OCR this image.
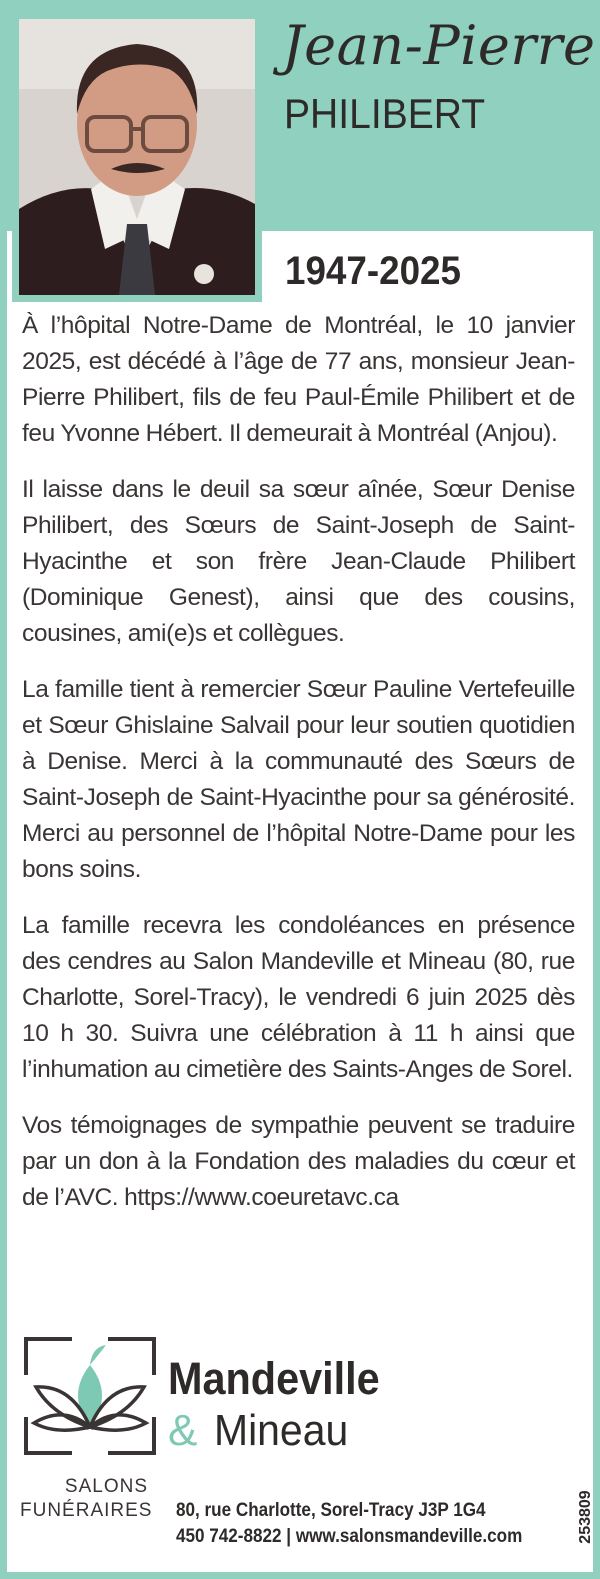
Jean-Pierre
PHILIBERT
1947-2025

À l’hôpital Notre-Dame de Montréal, le 10 janvier 2025, est décédé à l’âge de 77 ans, monsieur Jean-Pierre Philibert, fils de feu Paul-Émile Philibert et de feu Yvonne Hébert. Il demeurait à Montréal (Anjou).

Il laisse dans le deuil sa sœur aînée, Sœur Denise Philibert, des Sœurs de Saint-Joseph de Saint-Hyacinthe et son frère Jean-Claude Philibert (Dominique Genest), ainsi que des cousins, cousines, ami(e)s et collègues.

La famille tient à remercier Sœur Pauline Vertefeuille et Sœur Ghislaine Salvail pour leur soutien quotidien à Denise. Merci à la communauté des Sœurs de Saint-Joseph de Saint-Hyacinthe pour sa générosité. Merci au personnel de l’hôpital Notre-Dame pour les bons soins.

La famille recevra les condoléances en présence des cendres au Salon Mandeville et Mineau (80, rue Charlotte, Sorel-Tracy), le vendredi 6 juin 2025 dès 10 h 30. Suivra une célébration à 11 h ainsi que l’inhumation au cimetière des Saints-Anges de Sorel.

Vos témoignages de sympathie peuvent se traduire par un don à la Fondation des maladies du cœur et de l’AVC. https://www.coeuretavc.ca

Mandeville
& Mineau
SALONS
FUNÉRAIRES 80, rue Charlotte, Sorel-Tracy J3P 1G4
450 742-8822 | www.salonsmandeville.com	253809
